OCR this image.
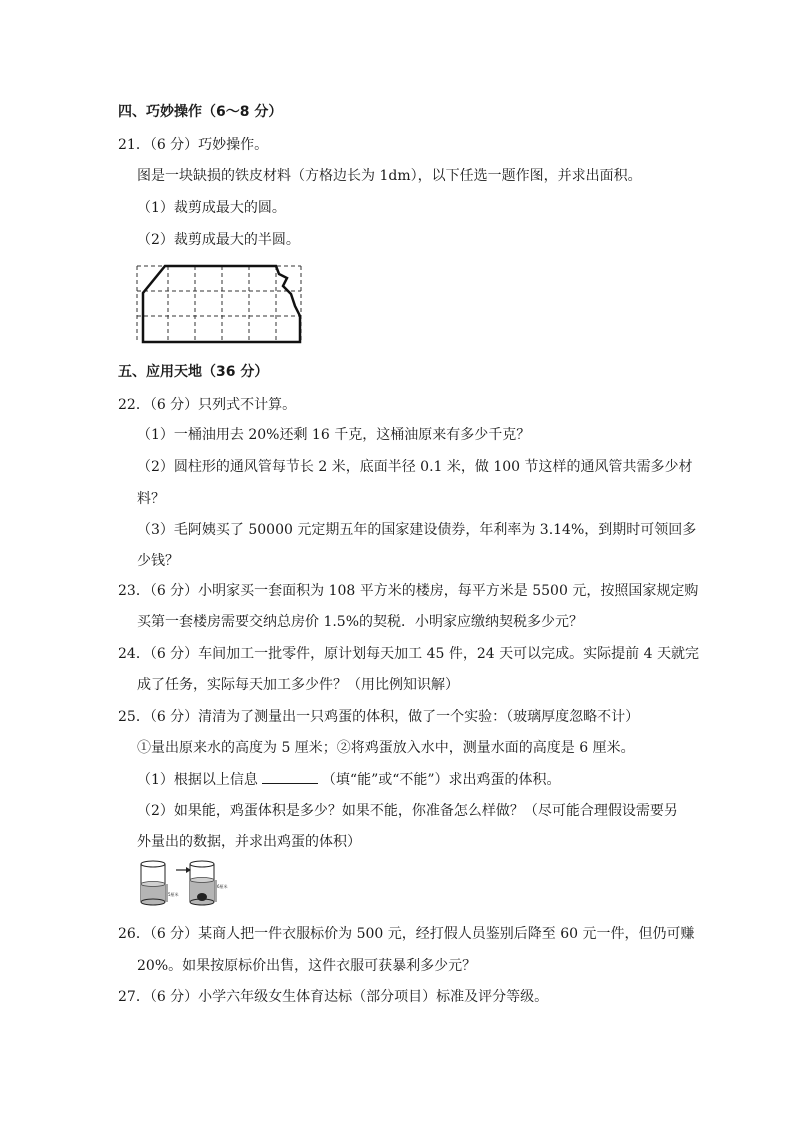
四、巧妙操作（6～8 分）
21．（6 分）巧妙操作。
图是一块缺损的铁皮材料（方格边长为 1dm），以下任选一题作图，并求出面积。
（1）裁剪成最大的圆。
（2）裁剪成最大的半圆。
五、应用天地（36 分）
22．（6 分）只列式不计算。
（1）一桶油用去 20%还剩 16 千克，这桶油原来有多少千克？
（2）圆柱形的通风管每节长 2 米，底面半径 0.1 米，做 100 节这样的通风管共需多少材
料？
（3）毛阿姨买了 50000 元定期五年的国家建设债券，年利率为 3.14%，到期时可领回多
少钱？
23．（6 分）小明家买一套面积为 108 平方米的楼房，每平方米是 5500 元，按照国家规定购
买第一套楼房需要交纳总房价 1.5%的契税．小明家应缴纳契税多少元？
24．（6 分）车间加工一批零件，原计划每天加工 45 件，24 天可以完成。实际提前 4 天就完
成了任务，实际每天加工多少件？（用比例知识解）
25．（6 分）清清为了测量出一只鸡蛋的体积，做了一个实验：（玻璃厚度忽略不计）
①量出原来水的高度为 5 厘米；②将鸡蛋放入水中，测量水面的高度是 6 厘米。
（1）根据以上信息	（填“能”或“不能”）求出鸡蛋的体积。
（2）如果能，鸡蛋体积是多少？如果不能，你准备怎么样做？（尽可能合理假设需要另
外量出的数据，并求出鸡蛋的体积）
5厘米
6厘米
26．（6 分）某商人把一件衣服标价为 500 元，经打假人员鉴别后降至 60 元一件，但仍可赚
20%。如果按原标价出售，这件衣服可获暴利多少元？
27．（6 分）小学六年级女生体育达标（部分项目）标准及评分等级。
